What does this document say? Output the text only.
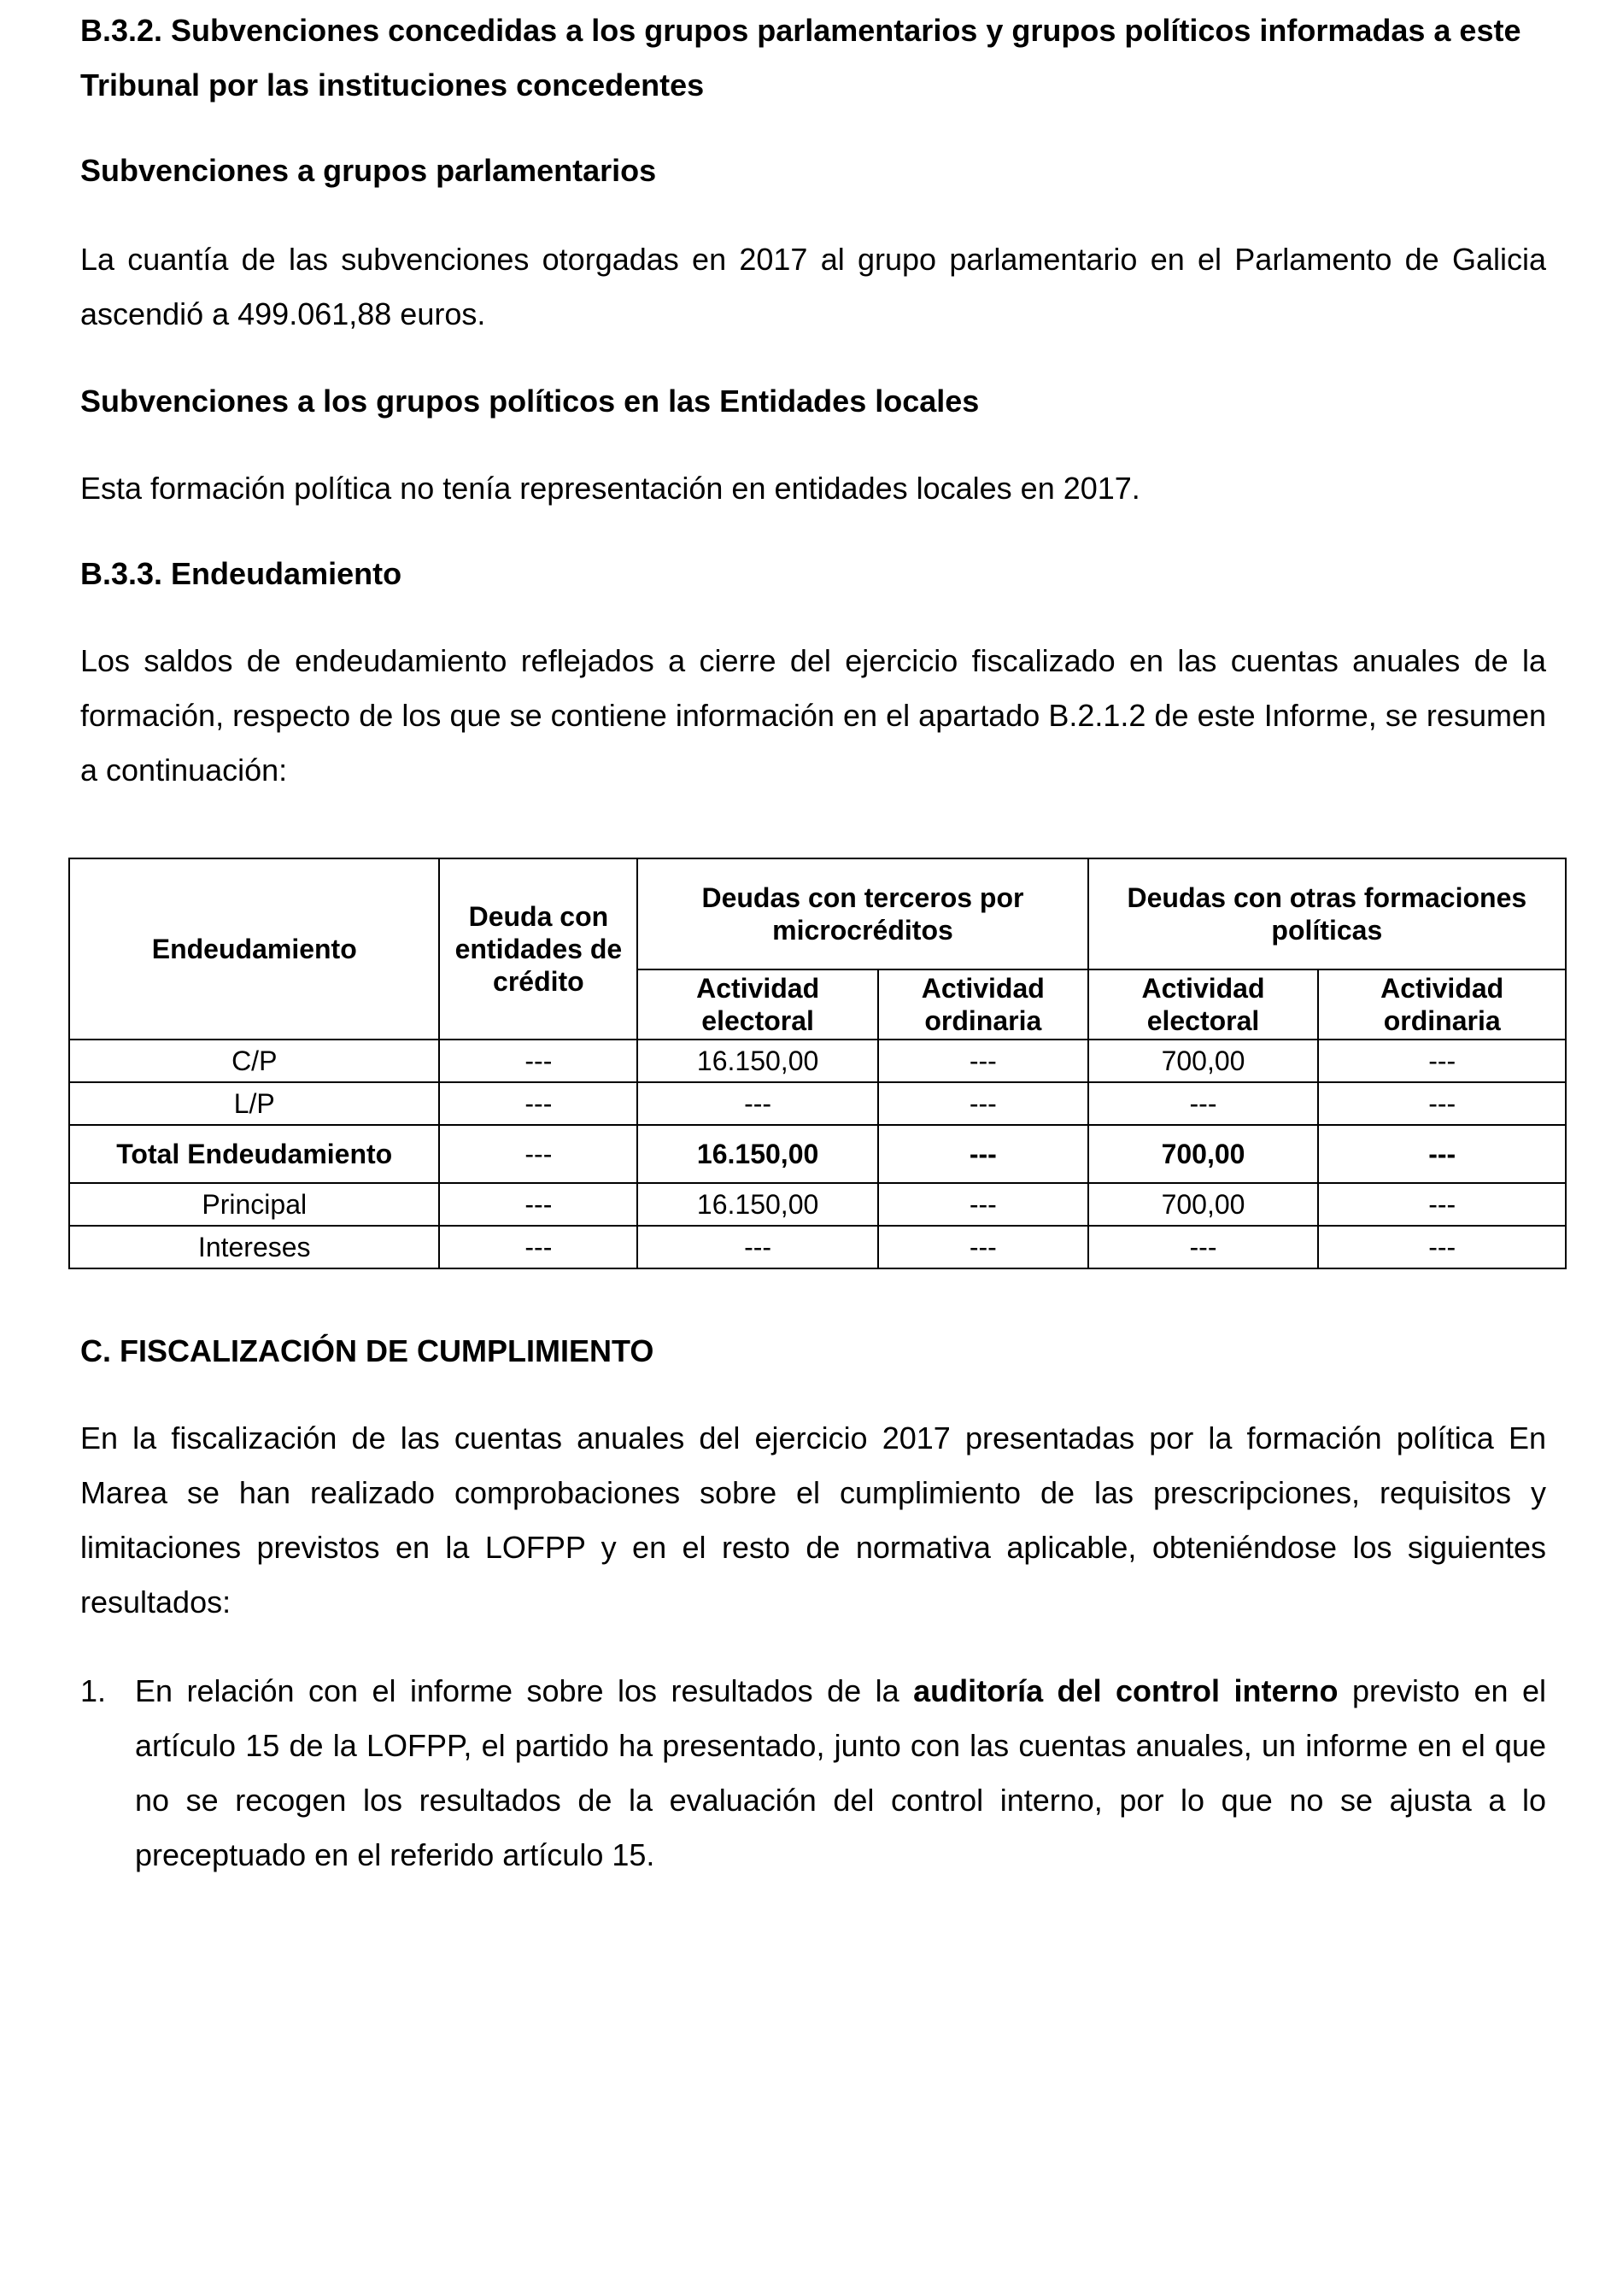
B.3.2. Subvenciones concedidas a los grupos parlamentarios y grupos políticos informadas a este Tribunal por las instituciones concedentes

Subvenciones a grupos parlamentarios

La cuantía de las subvenciones otorgadas en 2017 al grupo parlamentario en el Parlamento de Galicia ascendió a 499.061,88 euros.

Subvenciones a los grupos políticos en las Entidades locales

Esta formación política no tenía representación en entidades locales en 2017.

B.3.3. Endeudamiento

Los saldos de endeudamiento reflejados a cierre del ejercicio fiscalizado en las cuentas anuales de la formación, respecto de los que se contiene información en el apartado B.2.1.2 de este Informe, se resumen a continuación:

C. FISCALIZACIÓN DE CUMPLIMIENTO

En la fiscalización de las cuentas anuales del ejercicio 2017 presentadas por la formación política En Marea se han realizado comprobaciones sobre el cumplimiento de las prescripciones, requisitos y limitaciones previstos en la LOFPP y en el resto de normativa aplicable, obteniéndose los siguientes resultados:

1. En relación con el informe sobre los resultados de la auditoría del control interno previsto en el artículo 15 de la LOFPP, el partido ha presentado, junto con las cuentas anuales, un informe en el que no se recogen los resultados de la evaluación del control interno, por lo que no se ajusta a lo preceptuado en el referido artículo 15.
Endeudamiento	Deuda con entidades de crédito	Deudas con terceros por microcréditos		Deudas con otras formaciones políticas	
		Actividad electoral	Actividad ordinaria	Actividad electoral	Actividad ordinaria
C/P	---	16.150,00	---	700,00	---
L/P	---	---	---	---	---
Total Endeudamiento	---	16.150,00	---	700,00	---
Principal	---	16.150,00	---	700,00	---
Intereses	---	---	---	---	---
